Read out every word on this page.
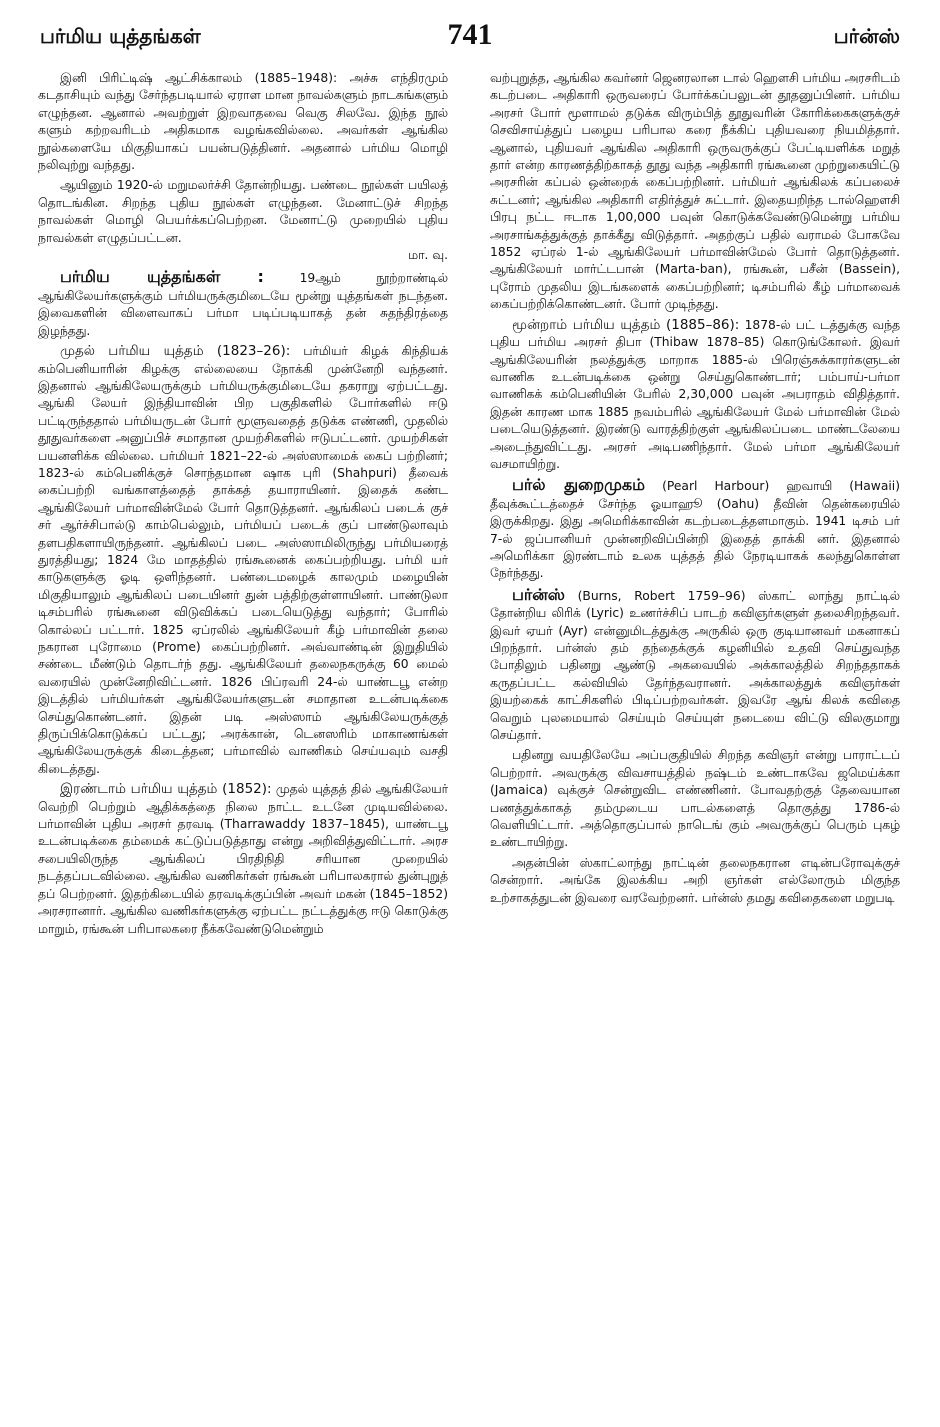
பர்மிய யுத்தங்கள்	741	பர்ன்ஸ்

இனி பிரிட்டிஷ் ஆட்சிக்காலம் (1885–1948): அச்சு எந்திரமும் கடதாசியும் வந்து சேர்ந்தபடியால் ஏராள மான நாவல்களும் நாடகங்களும் எழுந்தன. ஆனால் அவற்றுள் இறவாதவை வெகு சிலவே. இந்த நூல் களும் கற்றவரிடம் அதிகமாக வழங்கவில்லை. அவர்கள் ஆங்கில நூல்களையே மிகுதியாகப் பயன்படுத்தினர். அதனால் பர்மிய மொழி நலிவுற்று வந்தது.

ஆயினும் 1920-ல் மறுமலர்ச்சி தோன்றியது. பண்டை நூல்கள் பயிலத் தொடங்கின. சிறந்த புதிய நூல்கள் எழுந்தன. மேனாட்டுச் சிறந்த நாவல்கள் மொழி பெயர்க்கப்பெற்றன. மேனாட்டு முறையில் புதிய நாவல்கள் எழுதப்பட்டன.

மா. வு.

பர்மிய யுத்தங்கள் :	19ஆம் நூற்றாண்டில் ஆங்கிலேயர்களுக்கும் பர்மியருக்குமிடையே மூன்று யுத்தங்கள் நடந்தன. இவைகளின் விளைவாகப் பர்மா படிப்படியாகத் தன் சுதந்திரத்தை இழந்தது.

முதல் பர்மிய யுத்தம் (1823–26): பர்மியர் கிழக் கிந்தியக் கம்பெனியாரின் கிழக்கு எல்லையை நோக்கி முன்னேறி வந்தனர். இதனால் ஆங்கிலேயருக்கும் பர்மியருக்குமிடையே தகராறு ஏற்பட்டது. ஆங்கி லேயர் இந்தியாவின் பிற பகுதிகளில் போர்களில் ஈடு பட்டிருந்ததால் பர்மியருடன் போர் மூளுவதைத் தடுக்க எண்ணி, முதலில் தூதுவர்களை அனுப்பிச் சமாதான முயற்சிகளில் ஈடுபட்டனர். முயற்சிகள் பயனளிக்க வில்லை. பர்மியர் 1821–22-ல் அஸ்ஸாமைக் கைப் பற்றினர்; 1823-ல் கம்பெனிக்குச் சொந்தமான ஷாக புரி (Shahpuri) தீவைக் கைப்பற்றி வங்காளத்தைத் தாக்கத் தயாராயினர். இதைக் கண்ட ஆங்கிலேயர் பர்மாவின்மேல் போர் தொடுத்தனர். ஆங்கிலப் படைக் குச் சர் ஆர்ச்சிபால்டு காம்பெல்லும், பர்மியப் படைக் குப் பாண்டுலாவும் தளபதிகளாயிருந்தனர். ஆங்கிலப் படை அஸ்ஸாமிலிருந்து பர்மியரைத் துரத்தியது; 1824 மே மாதத்தில் ரங்கூனைக் கைப்பற்றியது. பர்மி யர் காடுகளுக்கு ஓடி ஒளிந்தனர். பண்டைமழைக் காலமும் மழையின் மிகுதியாலும் ஆங்கிலப் படையினர் துன் பத்திற்குள்ளாயினர். பாண்டுலா டிசம்பரில் ரங்கூனை விடுவிக்கப் படையெடுத்து வந்தார்; போரில் கொல்லப் பட்டார். 1825 ஏப்ரலில் ஆங்கிலேயர் கீழ் பர்மாவின் தலை நகரான புரோமை (Prome) கைப்பற்றினர். அவ்வாண்டின் இறுதியில் சண்டை மீண்டும் தொடர்ந் தது. ஆங்கிலேயர் தலைநகருக்கு 60 மைல் வரையில் முன்னேறிவிட்டனர். 1826 பிப்ரவரி 24-ல் யாண்டபூ என்ற இடத்தில் பர்மியர்கள் ஆங்கிலேயர்களுடன் சமாதான உடன்படிக்கை செய்துகொண்டனர். இதன் படி அஸ்ஸாம் ஆங்கிலேயருக்குத் திருப்பிக்கொடுக்கப் பட்டது; அரக்கான், டெனஸரிம் மாகாணங்கள் ஆங்கிலேயருக்குக் கிடைத்தன; பர்மாவில் வாணிகம் செய்யவும் வசதி கிடைத்தது.

இரண்டாம் பர்மிய யுத்தம் (1852): முதல் யுத்தத் தில் ஆங்கிலேயர் வெற்றி பெற்றும் ஆதிக்கத்தை நிலை நாட்ட உடனே முடியவில்லை. பர்மாவின் புதிய அரசர் தரவடி (Tharrawaddy 1837–1845), யாண்டபூ உடன்படிக்கை தம்மைக் கட்டுப்படுத்தாது என்று அறிவித்துவிட்டார். அரச சபையிலிருந்த ஆங்கிலப் பிரதிநிதி சரியான முறையில் நடத்தப்படவில்லை. ஆங்கில வணிகர்கள் ரங்கூன் பரிபாலகரால் துன்புறுத் தப் பெற்றனர். இதற்கிடையில் தரவடிக்குப்பின் அவர் மகன் (1845–1852) அரசரானார். ஆங்கில வணிகர்களுக்கு ஏற்பட்ட நட்டத்துக்கு ஈடு கொடுக்கு மாறும், ரங்கூன் பரிபாலகரை நீக்கவேண்டுமென்றும்

வற்புறுத்த, ஆங்கில கவர்னர் ஜெனரலான டால் ஹௌசி பர்மிய அரசரிடம் கடற்படை அதிகாரி ஒருவரைப் போர்க்கப்பலுடன் தூதனுப்பினர். பர்மிய அரசர் போர் மூளாமல் தடுக்க விரும்பித் தூதுவரின் கோரிக்கைகளுக்குச் செவிசாய்த்துப் பழைய பரிபால கரை நீக்கிப் புதியவரை நியமித்தார். ஆனால், புதியவர் ஆங்கில அதிகாரி ஒருவருக்குப் பேட்டியளிக்க மறுத் தார் என்ற காரணத்திற்காகத் தூது வந்த அதிகாரி ரங்கூனை முற்றுகையிட்டு அரசரின் கப்பல் ஒன்றைக் கைப்பற்றினர். பர்மியர் ஆங்கிலக் கப்பலைச் சுட்டனர்; ஆங்கில அதிகாரி எதிர்த்துச் சுட்டார். இதையறிந்த டால்ஹௌசி பிரபு நட்ட ஈடாக 1,00,000 பவுன் கொடுக்கவேண்டுமென்று பர்மிய அரசாங்கத்துக்குத் தாக்கீது விடுத்தார். அதற்குப் பதில் வராமல் போகவே 1852 ஏப்ரல் 1-ல் ஆங்கிலேயர் பர்மாவின்மேல் போர் தொடுத்தனர். ஆங்கிலேயர் மார்ட்டபான் (Marta-ban), ரங்கூன், பசீன் (Bassein), புரோம் முதலிய இடங்களைக் கைப்பற்றினர்; டிசம்பரில் கீழ் பர்மாவைக் கைப்பற்றிக்கொண்டனர். போர் முடிந்தது.

மூன்றாம் பர்மிய யுத்தம் (1885–86): 1878-ல் பட் டத்துக்கு வந்த புதிய பர்மிய அரசர் திபா (Thibaw 1878–85) கொடுங்கோலர். இவர் ஆங்கிலேயரின் நலத்துக்கு மாறாக 1885-ல் பிரெஞ்சுக்காரர்களுடன் வாணிக உடன்படிக்கை ஒன்று செய்துகொண்டார்; பம்பாய்-பர்மா வாணிகக் கம்பெனியின் பேரில் 2,30,000 பவுன் அபராதம் விதித்தார். இதன் காரண மாக 1885 நவம்பரில் ஆங்கிலேயர் மேல் பர்மாவின் மேல் படையெடுத்தனர். இரண்டு வாரத்திற்குள் ஆங்கிலப்படை மாண்டலேயை அடைந்துவிட்டது. அரசர் அடிபணிந்தார். மேல் பர்மா ஆங்கிலேயர் வசமாயிற்று.

பர்ல் துறைமுகம் (Pearl Harbour) ஹவாயி (Hawaii) தீவுக்கூட்டத்தைச் சேர்ந்த ஓயாஹூ (Oahu) தீவின் தென்கரையில் இருக்கிறது. இது அமெரிக்காவின் கடற்படைத்தளமாகும். 1941 டிசம் பர் 7-ல் ஜப்பானியர் முன்னறிவிப்பின்றி இதைத் தாக்கி னர். இதனால் அமெரிக்கா இரண்டாம் உலக யுத்தத் தில் நேரடியாகக் கலந்துகொள்ள நேர்ந்தது.

பர்ன்ஸ் (Burns, Robert 1759–96) ஸ்காட் லாந்து நாட்டில் தோன்றிய லிரிக் (Lyric) உணர்ச்சிப் பாடற் கவிஞர்களுள் தலைசிறந்தவர். இவர் ஏயர் (Ayr) என்னுமிடத்துக்கு அருகில் ஒரு குடியானவர் மகனாகப் பிறந்தார். பர்ன்ஸ் தம் தந்தைக்குக் கழனியில் உதவி செய்துவந்த போதிலும் பதினறு ஆண்டு அகவையில் அக்காலத்தில் சிறந்ததாகக் கருதப்பட்ட கல்வியில் தேர்ந்தவரானர். அக்காலத்துக் கவிஞர்கள் இயற்கைக் காட்சிகளில் பிடிப்பற்றவர்கள். இவரே ஆங் கிலக் கவிதை வெறும் புலமையால் செய்யும் செய்யுள் நடையை விட்டு விலகுமாறு செய்தார்.

பதினறு வயதிலேயே அப்பகுதியில் சிறந்த கவிஞர் என்று பாராட்டப் பெற்றார். அவருக்கு விவசாயத்தில் நஷ்டம் உண்டாகவே ஜமெய்க்கா (Jamaica) வுக்குச் சென்றுவிட எண்ணினர். போவதற்குத் தேவையான பணத்துக்காகத் தம்முடைய பாடல்களைத் தொகுத்து 1786-ல் வெளியிட்டார். அத்தொகுப்பால் நாடெங் கும் அவருக்குப் பெரும் புகழ் உண்டாயிற்று.

அதன்பின் ஸ்காட்லாந்து நாட்டின் தலைநகரான எடின்பரோவுக்குச் சென்றார். அங்கே இலக்கிய அறி ஞர்கள் எல்லோரும் மிகுந்த உற்சாகத்துடன் இவரை வரவேற்றனர். பர்ன்ஸ் தமது கவிதைகளை மறுபடி
